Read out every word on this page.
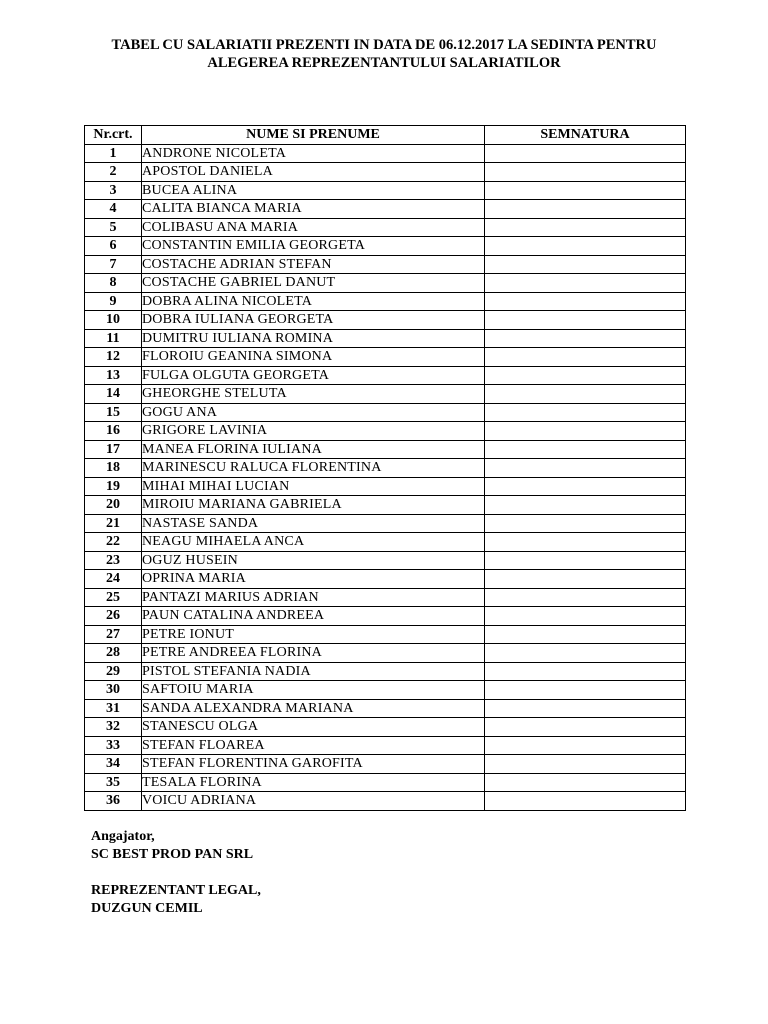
TABEL CU SALARIATII PREZENTI IN DATA DE 06.12.2017 LA SEDINTA PENTRU
ALEGEREA REPREZENTANTULUI SALARIATILOR
Nr.crt.	NUME SI PRENUME	SEMNATURA
1	ANDRONE NICOLETA	
2	APOSTOL DANIELA	
3	BUCEA ALINA	
4	CALITA BIANCA MARIA	
5	COLIBASU ANA MARIA	
6	CONSTANTIN EMILIA GEORGETA	
7	COSTACHE ADRIAN STEFAN	
8	COSTACHE GABRIEL DANUT	
9	DOBRA ALINA NICOLETA	
10	DOBRA IULIANA GEORGETA	
11	DUMITRU IULIANA ROMINA	
12	FLOROIU GEANINA SIMONA	
13	FULGA OLGUTA GEORGETA	
14	GHEORGHE STELUTA	
15	GOGU ANA	
16	GRIGORE LAVINIA	
17	MANEA FLORINA IULIANA	
18	MARINESCU RALUCA FLORENTINA	
19	MIHAI MIHAI LUCIAN	
20	MIROIU MARIANA GABRIELA	
21	NASTASE SANDA	
22	NEAGU MIHAELA ANCA	
23	OGUZ HUSEIN	
24	OPRINA MARIA	
25	PANTAZI MARIUS ADRIAN	
26	PAUN CATALINA ANDREEA	
27	PETRE IONUT	
28	PETRE ANDREEA FLORINA	
29	PISTOL STEFANIA NADIA	
30	SAFTOIU MARIA	
31	SANDA ALEXANDRA MARIANA	
32	STANESCU OLGA	
33	STEFAN FLOAREA	
34	STEFAN FLORENTINA GAROFITA	
35	TESALA FLORINA	
36	VOICU ADRIANA	
Angajator,
SC BEST PROD PAN SRL
REPREZENTANT LEGAL,
DUZGUN CEMIL
